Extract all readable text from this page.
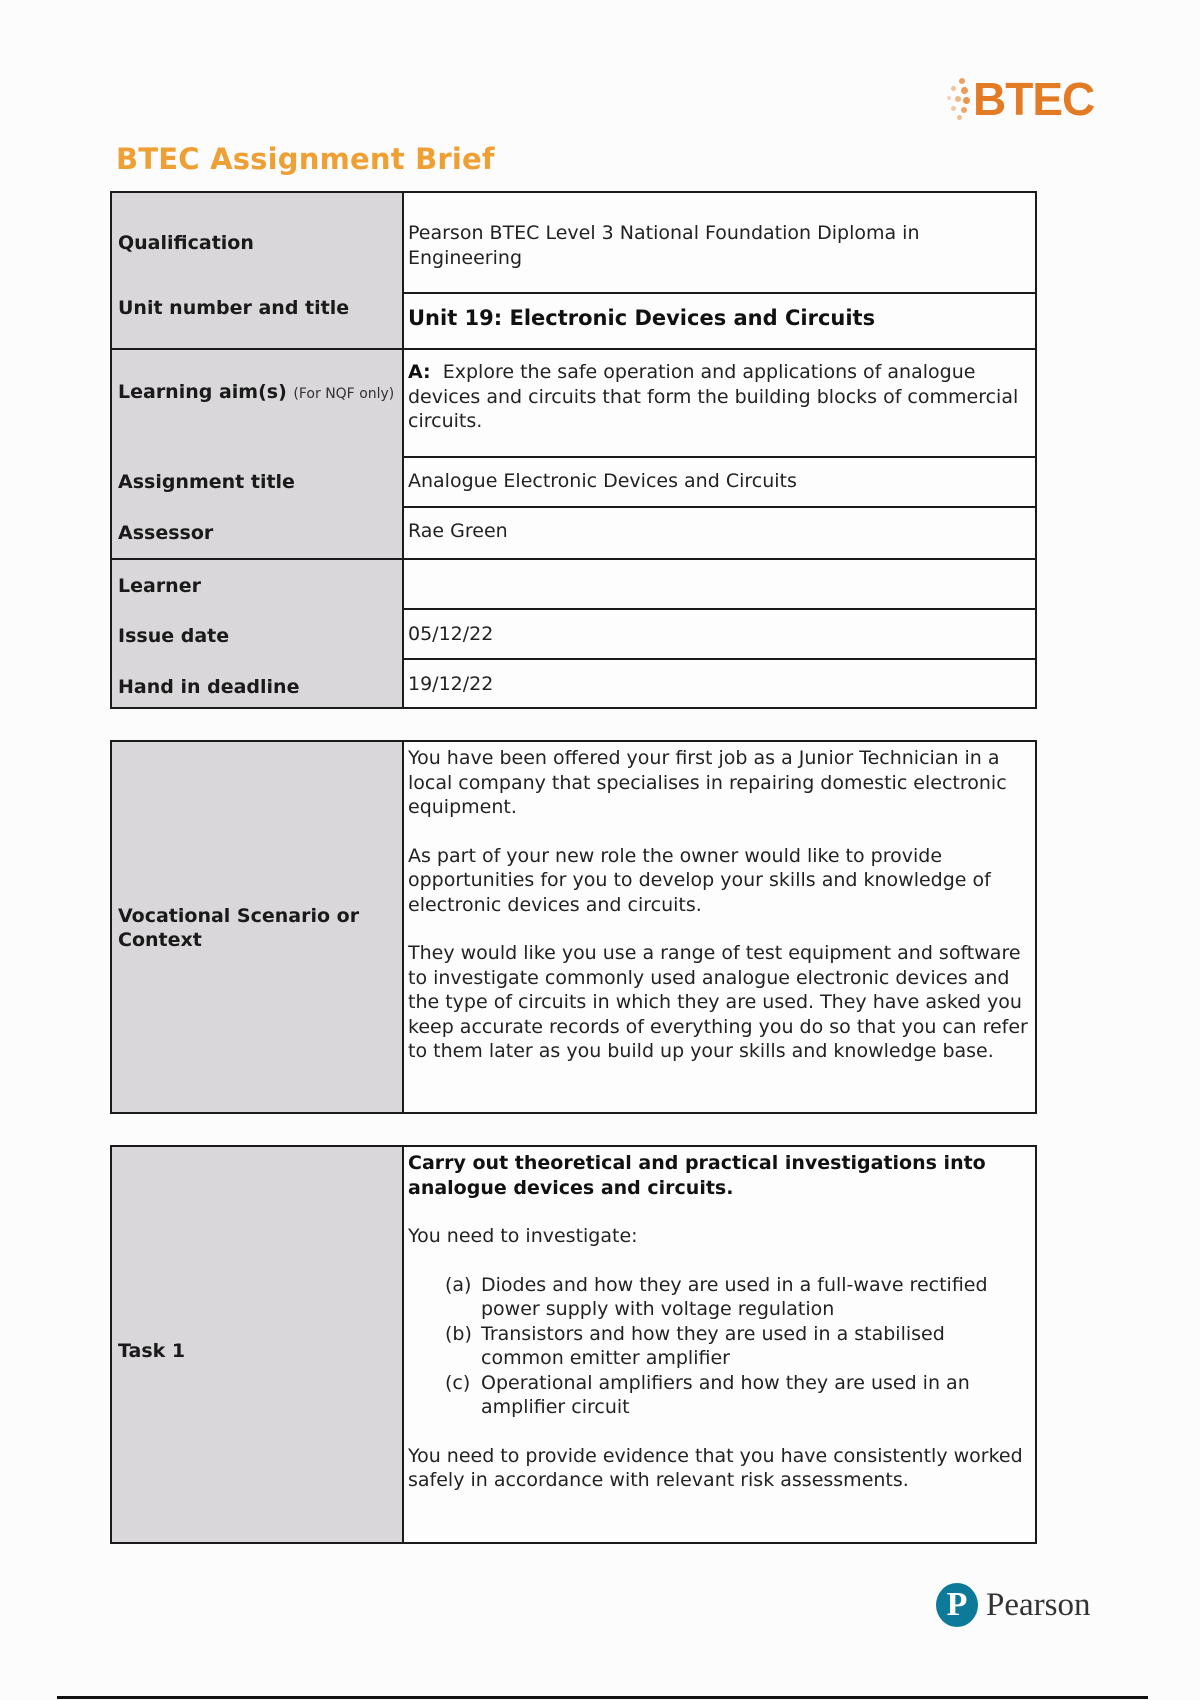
BTEC
BTEC Assignment Brief
Qualification
Unit number and title
Learning aim(s) (For NQF only)
Assignment title
Assessor
Learner
Issue date
Hand in deadline
Pearson BTEC Level 3 National Foundation Diploma in Engineering
Unit 19: Electronic Devices and Circuits
A: Explore the safe operation and applications of analogue devices and circuits that form the building blocks of commercial circuits.
Analogue Electronic Devices and Circuits
Rae Green
05/12/22
19/12/22
Vocational Scenario or Context

You have been offered your first job as a Junior Technician in a local company that specialises in repairing domestic electronic equipment.

As part of your new role the owner would like to provide opportunities for you to develop your skills and knowledge of electronic devices and circuits.

They would like you use a range of test equipment and software to investigate commonly used analogue electronic devices and the type of circuits in which they are used. They have asked you keep accurate records of everything you do so that you can refer to them later as you build up your skills and knowledge base.

Task 1

Carry out theoretical and practical investigations into analogue devices and circuits.

You need to investigate:

(a) Diodes and how they are used in a full-wave rectified power supply with voltage regulation
(b) Transistors and how they are used in a stabilised common emitter amplifier
(c) Operational amplifiers and how they are used in an amplifier circuit

You need to provide evidence that you have consistently worked safely in accordance with relevant risk assessments.

P Pearson
